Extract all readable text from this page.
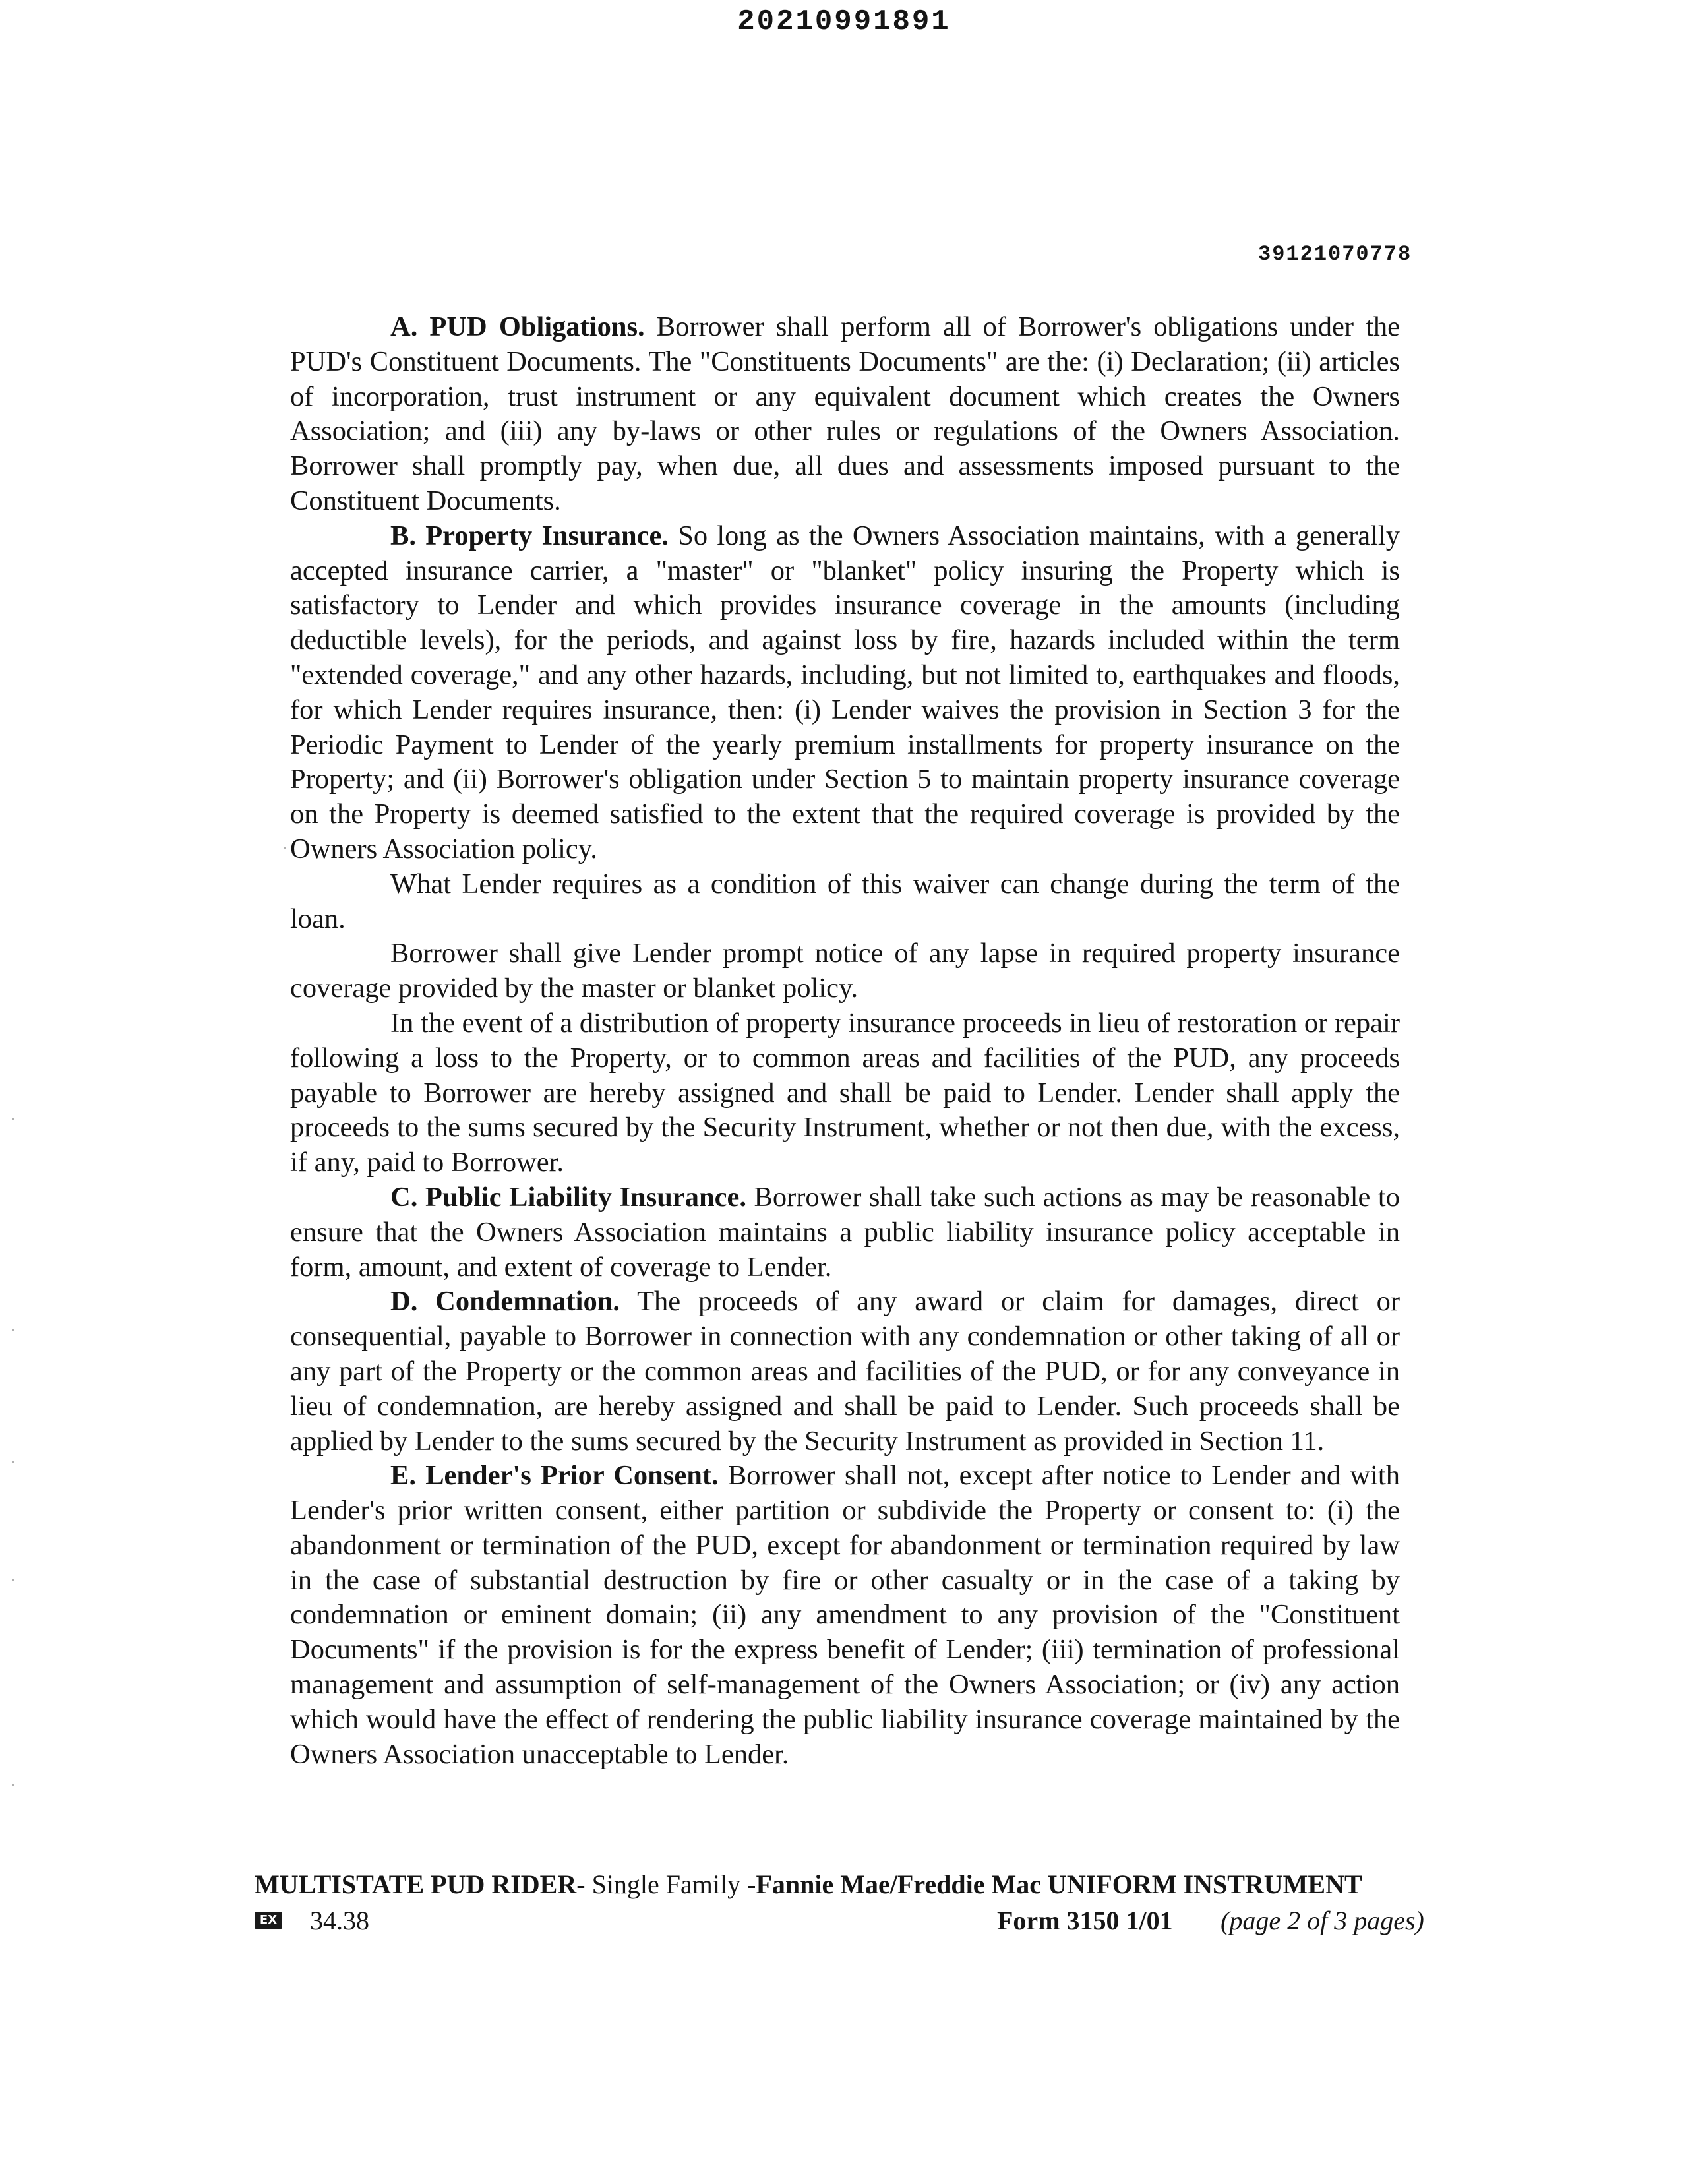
20210991891
39121070778

A. PUD Obligations. Borrower shall perform all of Borrower's obligations under the PUD's Constituent Documents. The "Constituents Documents" are the: (i) Declaration; (ii) articles of incorporation, trust instrument or any equivalent document which creates the Owners Association; and (iii) any by-laws or other rules or regulations of the Owners Association. Borrower shall promptly pay, when due, all dues and assessments imposed pursuant to the Constituent Documents.

B. Property Insurance. So long as the Owners Association maintains, with a generally accepted insurance carrier, a "master" or "blanket" policy insuring the Property which is satisfactory to Lender and which provides insurance coverage in the amounts (including deductible levels), for the periods, and against loss by fire, hazards included within the term "extended coverage," and any other hazards, including, but not limited to, earthquakes and floods, for which Lender requires insurance, then: (i) Lender waives the provision in Section 3 for the Periodic Payment to Lender of the yearly premium installments for property insurance on the Property; and (ii) Borrower's obligation under Section 5 to maintain property insurance coverage on the Property is deemed satisfied to the extent that the required coverage is provided by the Owners Association policy.

What Lender requires as a condition of this waiver can change during the term of the loan.

Borrower shall give Lender prompt notice of any lapse in required property insurance coverage provided by the master or blanket policy.

In the event of a distribution of property insurance proceeds in lieu of restoration or repair following a loss to the Property, or to common areas and facilities of the PUD, any proceeds payable to Borrower are hereby assigned and shall be paid to Lender. Lender shall apply the proceeds to the sums secured by the Security Instrument, whether or not then due, with the excess, if any, paid to Borrower.

C. Public Liability Insurance. Borrower shall take such actions as may be reasonable to ensure that the Owners Association maintains a public liability insurance policy acceptable in form, amount, and extent of coverage to Lender.

D. Condemnation. The proceeds of any award or claim for damages, direct or consequential, payable to Borrower in connection with any condemnation or other taking of all or any part of the Property or the common areas and facilities of the PUD, or for any conveyance in lieu of condemnation, are hereby assigned and shall be paid to Lender. Such proceeds shall be applied by Lender to the sums secured by the Security Instrument as provided in Section 11.

E. Lender's Prior Consent. Borrower shall not, except after notice to Lender and with Lender's prior written consent, either partition or subdivide the Property or consent to: (i) the abandonment or termination of the PUD, except for abandonment or termination required by law in the case of substantial destruction by fire or other casualty or in the case of a taking by condemnation or eminent domain; (ii) any amendment to any provision of the "Constituent Documents" if the provision is for the express benefit of Lender; (iii) termination of professional management and assumption of self-management of the Owners Association; or (iv) any action which would have the effect of rendering the public liability insurance coverage maintained by the Owners Association unacceptable to Lender.

MULTISTATE PUD RIDER- Single Family -Fannie Mae/Freddie Mac UNIFORM INSTRUMENT
EX 34.38	Form 3150 1/01 (page 2 of 3 pages)
